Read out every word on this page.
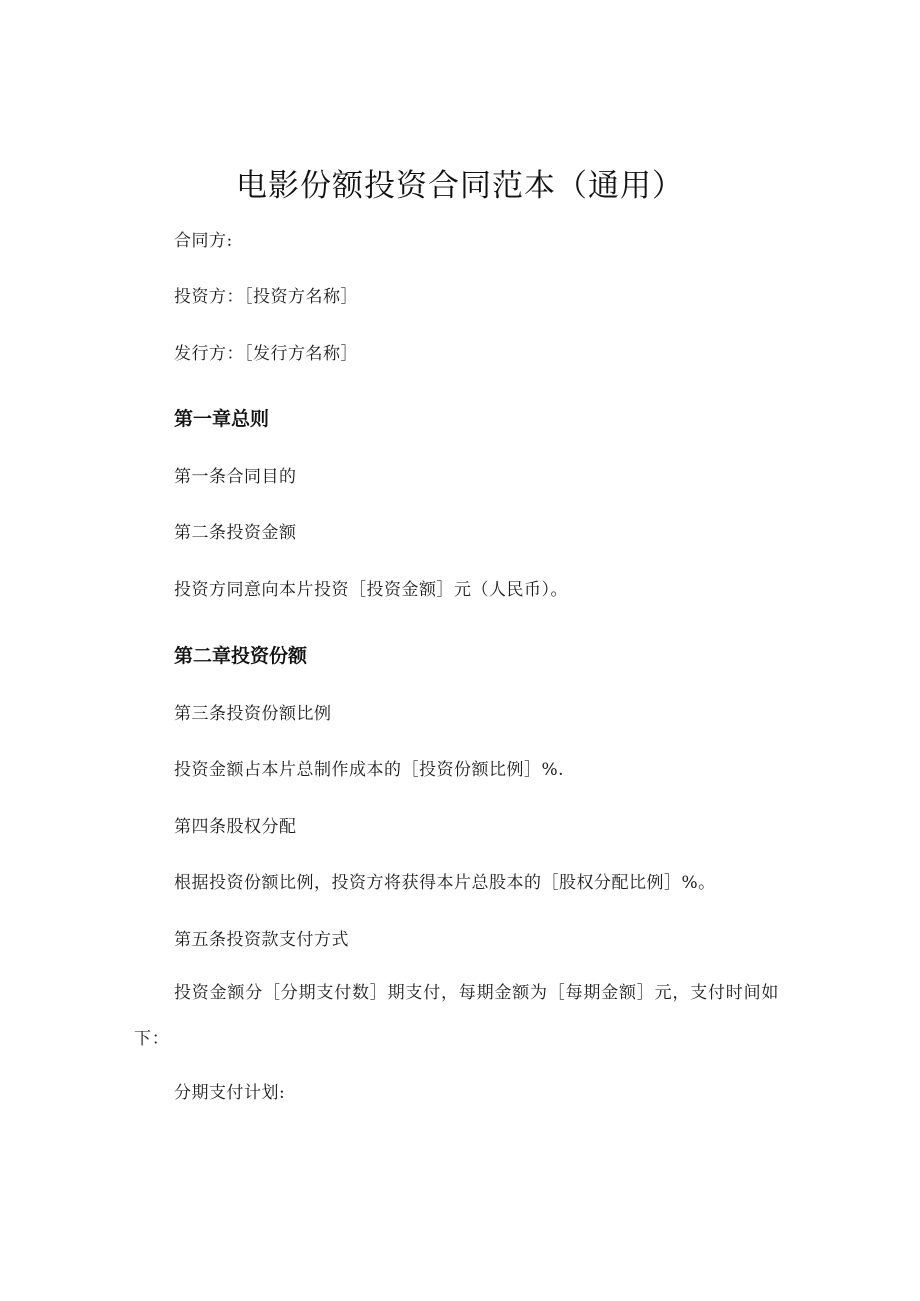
电影份额投资合同范本（通用）
合同方:
投资方：［投资方名称］
发行方：［发行方名称］
第一章总则
第一条合同目的
第二条投资金额
投资方同意向本片投资［投资金额］元（人民币）。
第二章投资份额
第三条投资份额比例
投资金额占本片总制作成本的［投资份额比例］%.
第四条股权分配
根据投资份额比例，投资方将获得本片总股本的［股权分配比例］%。
第五条投资款支付方式

投资金额分［分期支付数］期支付，每期金额为［每期金额］元，支付时间如下：

分期支付计划:
